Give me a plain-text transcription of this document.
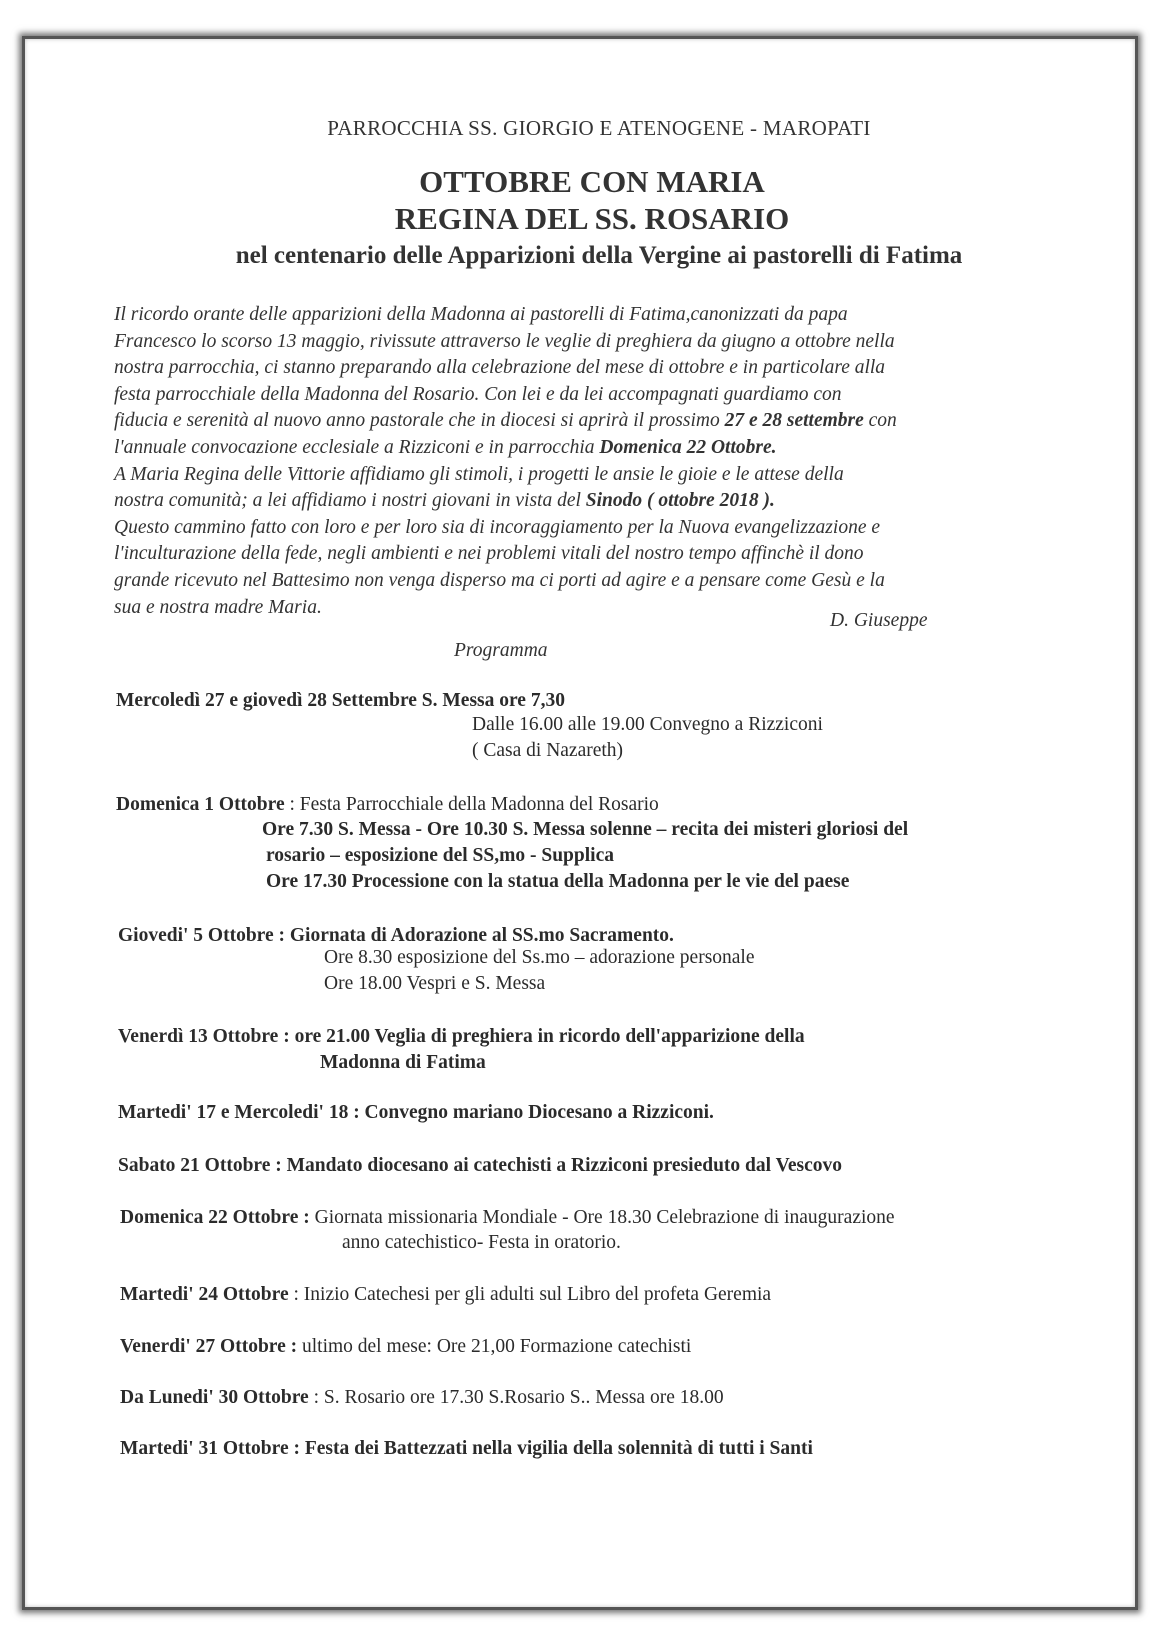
PARROCCHIA SS. GIORGIO E ATENOGENE - MAROPATI
OTTOBRE CON MARIA
REGINA DEL SS. ROSARIO
nel centenario delle Apparizioni della Vergine ai pastorelli di Fatima
Il ricordo orante delle apparizioni della Madonna ai pastorelli di Fatima,canonizzati da papa
Francesco lo scorso 13 maggio, rivissute attraverso le veglie di preghiera da giugno a ottobre nella
nostra parrocchia, ci stanno preparando alla celebrazione del mese di ottobre e in particolare alla
festa parrocchiale della Madonna del Rosario. Con lei e da lei accompagnati guardiamo con
fiducia e serenità al nuovo anno pastorale che in diocesi si aprirà il prossimo 27 e 28 settembre con
l'annuale convocazione ecclesiale a Rizziconi e in parrocchia Domenica 22 Ottobre.
A Maria Regina delle Vittorie affidiamo gli stimoli, i progetti le ansie le gioie e le attese della
nostra comunità; a lei affidiamo i nostri giovani in vista del Sinodo ( ottobre 2018 ).
Questo cammino fatto con loro e per loro sia di incoraggiamento per la Nuova evangelizzazione e
l'inculturazione della fede, negli ambienti e nei problemi vitali del nostro tempo affinchè il dono
grande ricevuto nel Battesimo non venga disperso ma ci porti ad agire e a pensare come Gesù e la
sua e nostra madre Maria.
D. Giuseppe
Programma
Mercoledì 27 e giovedì 28 Settembre S. Messa ore 7,30
Dalle 16.00 alle 19.00 Convegno a Rizziconi
( Casa di Nazareth)
Domenica 1 Ottobre : Festa Parrocchiale della Madonna del Rosario
Ore 7.30 S. Messa - Ore 10.30 S. Messa solenne – recita dei misteri gloriosi del
rosario – esposizione del SS,mo - Supplica
Ore 17.30 Processione con la statua della Madonna per le vie del paese
Giovedi' 5 Ottobre : Giornata di Adorazione al SS.mo Sacramento.
Ore 8.30 esposizione del Ss.mo – adorazione personale
Ore 18.00 Vespri e S. Messa
Venerdì 13 Ottobre : ore 21.00 Veglia di preghiera in ricordo dell'apparizione della
Madonna di Fatima
Martedi' 17 e Mercoledi' 18 : Convegno mariano Diocesano a Rizziconi.
Sabato 21 Ottobre : Mandato diocesano ai catechisti a Rizziconi presieduto dal Vescovo
Domenica 22 Ottobre : Giornata missionaria Mondiale - Ore 18.30 Celebrazione di inaugurazione
anno catechistico- Festa in oratorio.
Martedi' 24 Ottobre : Inizio Catechesi per gli adulti sul Libro del profeta Geremia
Venerdi' 27 Ottobre : ultimo del mese: Ore 21,00 Formazione catechisti
Da Lunedi' 30 Ottobre : S. Rosario ore 17.30 S.Rosario S.. Messa ore 18.00
Martedi' 31 Ottobre : Festa dei Battezzati nella vigilia della solennità di tutti i Santi
